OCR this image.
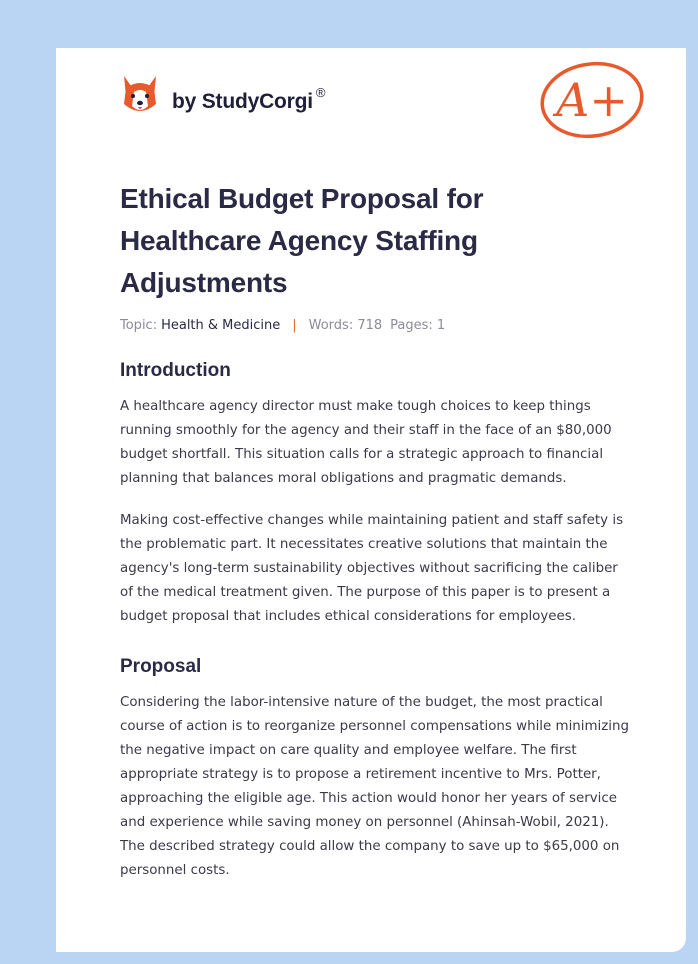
by StudyCorgi ®	A+
Ethical Budget Proposal for Healthcare Agency Staffing Adjustments
Topic: Health & Medicine | Words: 718 Pages: 1
Introduction

A healthcare agency director must make tough choices to keep things running smoothly for the agency and their staff in the face of an $80,000 budget shortfall. This situation calls for a strategic approach to financial planning that balances moral obligations and pragmatic demands.

Making cost-effective changes while maintaining patient and staff safety is the problematic part. It necessitates creative solutions that maintain the agency's long-term sustainability objectives without sacrificing the caliber of the medical treatment given. The purpose of this paper is to present a budget proposal that includes ethical considerations for employees.

Proposal

Considering the labor-intensive nature of the budget, the most practical course of action is to reorganize personnel compensations while minimizing the negative impact on care quality and employee welfare. The first appropriate strategy is to propose a retirement incentive to Mrs. Potter, approaching the eligible age. This action would honor her years of service and experience while saving money on personnel (Ahinsah-Wobil, 2021). The described strategy could allow the company to save up to $65,000 on personnel costs.
